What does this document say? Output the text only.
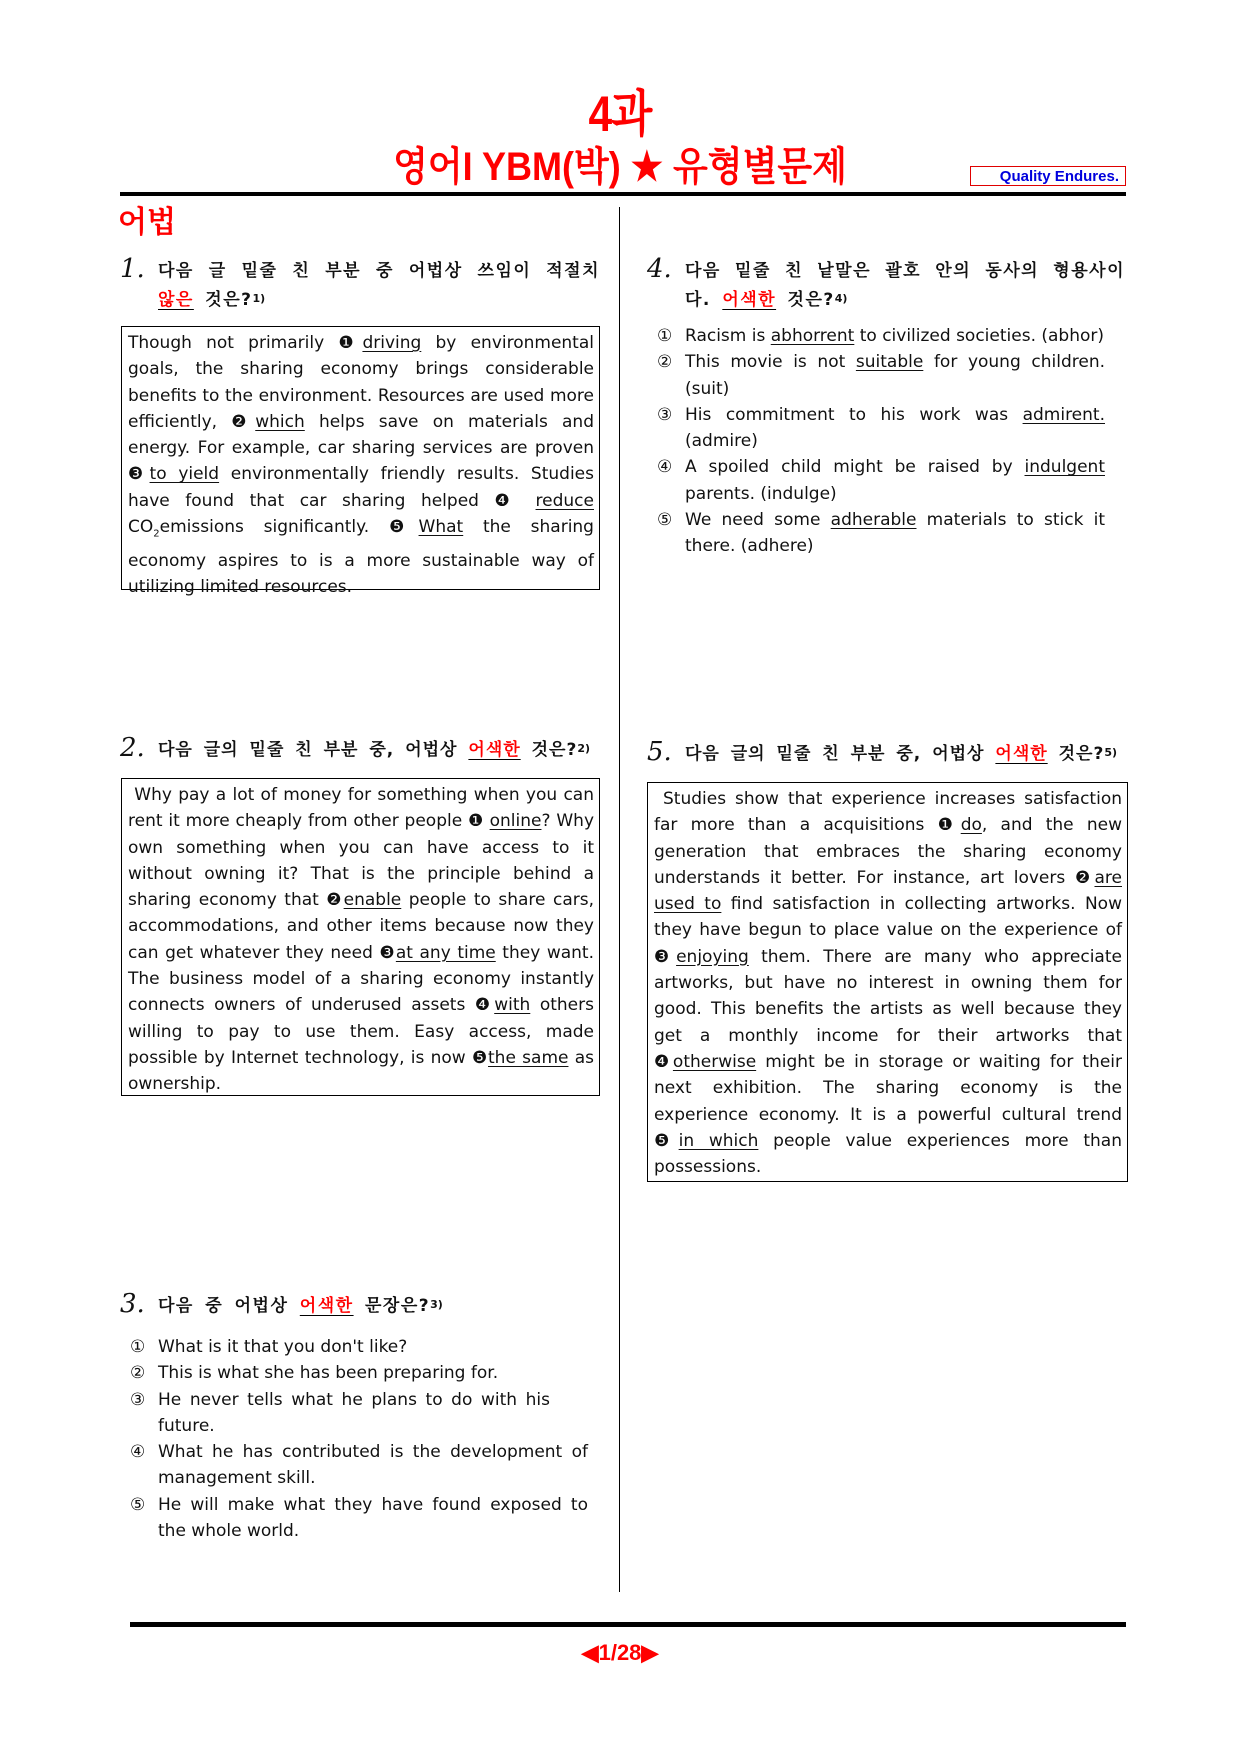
4과
영어I YBM(박) ★ 유형별문제	Quality Endures.
어법
1. 다음 글 밑줄 친 부분 중 어법상 쓰임이 적절치 않은 것은?$^{1)}$
Though not primarily ❶driving by environmental goals, the sharing economy brings considerable benefits to the environment. Resources are used more efficiently, ❷which helps save on materials and energy. For example, car sharing services are proven ❸to yield environmentally friendly results. Studies have found that car sharing helped ❹ reduce $CO_2emissions$ significantly. ❺What the sharing economy aspires to is a more sustainable way of utilizing limited resources.
2. 다음 글의 밑줄 친 부분 중, 어법상 어색한 것은?$^{2)}$
Why pay a lot of money for something when you can rent it more cheaply from other people ❶ online? Why own something when you can have access to it without owning it? That is the principle behind a sharing economy that ❷enable people to share cars, accommodations, and other items because now they can get whatever they need ❸at any time they want. The business model of a sharing economy instantly connects owners of underused assets ❹with others willing to pay to use them. Easy access, made possible by Internet technology, is now ❺the same as ownership.
3. 다음 중 어법상 어색한 문장은?$^{3)}$
① What is it that you don't like?
② This is what she has been preparing for.
③ He never tells what he plans to do with his future.
④ What he has contributed is the development of management skill.
⑤ He will make what they have found exposed to the whole world.
4. 다음 밑줄 친 낱말은 괄호 안의 동사의 형용사이다. 어색한 것은?$^{4)}$
① Racism is abhorrent to civilized societies. (abhor)
② This movie is not suitable for young children. (suit)
③ His commitment to his work was admirent. (admire)
④ A spoiled child might be raised by indulgent parents. (indulge)
⑤ We need some adherable materials to stick it there. (adhere)
5. 다음 글의 밑줄 친 부분 중, 어법상 어색한 것은?$^{5)}$
Studies show that experience increases satisfaction far more than a acquisitions ❶do, and the new generation that embraces the sharing economy understands it better. For instance, art lovers ❷are used to find satisfaction in collecting artworks. Now they have begun to place value on the experience of ❸enjoying them. There are many who appreciate artworks, but have no interest in owning them for good. This benefits the artists as well because they get a monthly income for their artworks that ❹otherwise might be in storage or waiting for their next exhibition. The sharing economy is the experience economy. It is a powerful cultural trend ❺in which people value experiences more than possessions.
◀1/28▶
